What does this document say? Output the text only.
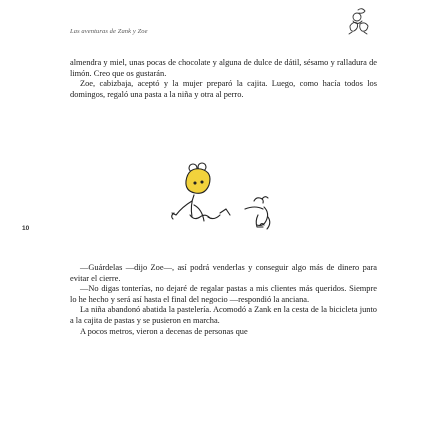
Las aventuras de Zank y Zoe

almendra y miel, unas pocas de chocolate y alguna de dulce de dátil, sésamo y ralladura de limón. Creo que os gustarán.

Zoe, cabizbaja, aceptó y la mujer preparó la cajita. Luego, como hacía todos los domingos, regaló una pasta a la niña y otra al perro.

10

—Guárdelas —dijo Zoe—, así podrá venderlas y conseguir algo más de dinero para evitar el cierre.

—No digas tonterías, no dejaré de regalar pastas a mis clientes más queridos. Siempre lo he hecho y será así hasta el final del negocio —respondió la anciana.

La niña abandonó abatida la pastelería. Acomodó a Zank en la cesta de la bicicleta junto a la cajita de pastas y se pusieron en marcha.

A pocos metros, vieron a decenas de personas que
